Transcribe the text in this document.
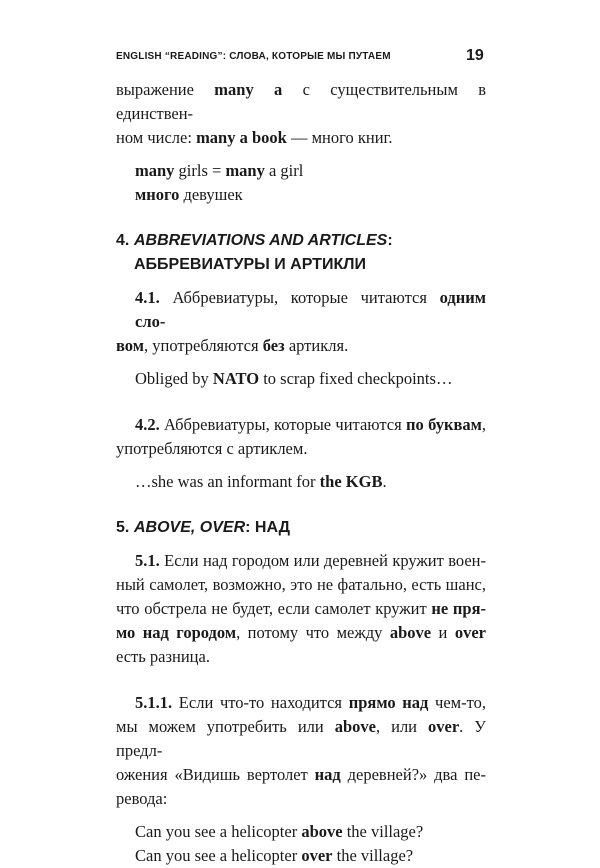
ENGLISH “READING”: СЛОВА, КОТОРЫЕ МЫ ПУТАЕМ	19
выражение many a с существительным в единствен-
ном числе: many a book — много книг.
many girls = many a girl
много девушек
4. ABBREVIATIONS AND ARTICLES:
АББРЕВИАТУРЫ И АРТИКЛИ
4.1. Аббревиатуры, которые читаются одним сло-
вом, употребляются без артикля.
Obliged by NATO to scrap fixed checkpoints…
4.2. Аббревиатуры, которые читаются по буквам,
употребляются с артиклем.
…she was an informant for the KGB.
5. ABOVE, OVER: НАД
5.1. Если над городом или деревней кружит воен-
ный самолет, возможно, это не фатально, есть шанс,
что обстрела не будет, если самолет кружит не пря-
мо над городом, потому что между above и over
есть разница.
5.1.1. Если что-то находится прямо над чем-то,
мы можем употребить или above, или over. У предл-
ожения «Видишь вертолет над деревней?» два пе-
ревода:
Can you see a helicopter above the village?
Can you see a helicopter over the village?
